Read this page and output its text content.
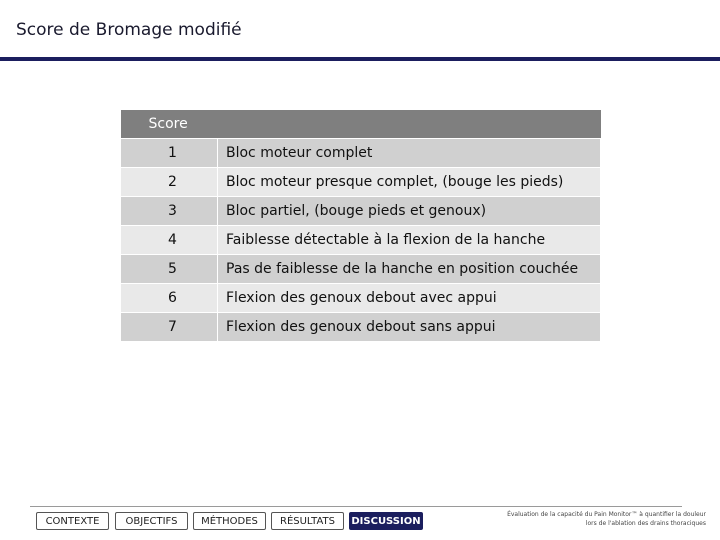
Score de Bromage modifié
Score	
1	Bloc moteur complet
2	Bloc moteur presque complet, (bouge les pieds)
3	Bloc partiel, (bouge pieds et genoux)
4	Faiblesse détectable à la flexion de la hanche
5	Pas de faiblesse de la hanche en position couchée
6	Flexion des genoux debout avec appui
7	Flexion des genoux debout sans appui
CONTEXTE	OBJECTIFS	MÉTHODES	RÉSULTATS	DISCUSSION
Évaluation de la capacité du Pain Monitor™ à quantifier la douleur
lors de l'ablation des drains thoraciques
